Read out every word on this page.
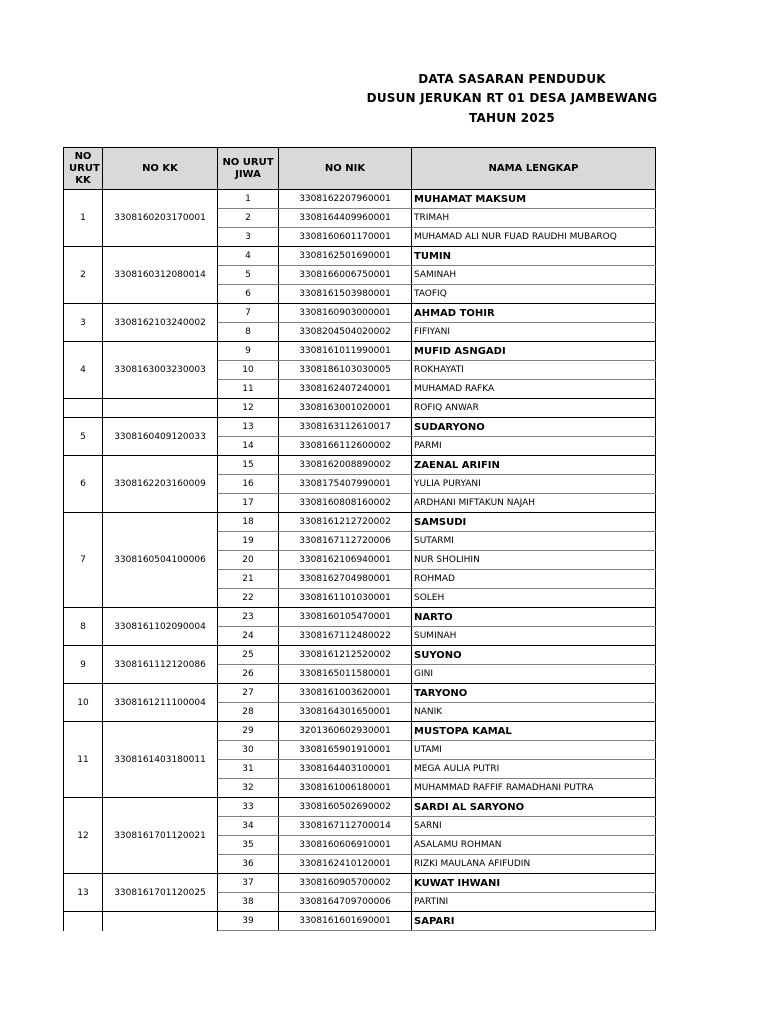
DATA SASARAN PENDUDUK
DUSUN JERUKAN RT 01 DESA JAMBEWANG
TAHUN 2025
NO URUT KK	NO KK	NO URUT JIWA	NO NIK	NAMA LENGKAP
1	3308160203170001	1	3308162207960001	MUHAMAT MAKSUM
		2	3308164409960001	TRIMAH
		3	3308160601170001	MUHAMAD ALI NUR FUAD RAUDHI MUBAROQ
2	3308160312080014	4	3308162501690001	TUMIN
		5	3308166006750001	SAMINAH
		6	3308161503980001	TAOFIQ
3	3308162103240002	7	3308160903000001	AHMAD TOHIR
		8	3308204504020002	FIFIYANI
4	3308163003230003	9	3308161011990001	MUFID ASNGADI
		10	3308186103030005	ROKHAYATI
		11	3308162407240001	MUHAMAD RAFKA
		12	3308163001020001	ROFIQ ANWAR
5	3308160409120033	13	3308163112610017	SUDARYONO
		14	3308166112600002	PARMI
6	3308162203160009	15	3308162008890002	ZAENAL ARIFIN
		16	3308175407990001	YULIA PURYANI
		17	3308160808160002	ARDHANI MIFTAKUN NAJAH
7	3308160504100006	18	3308161212720002	SAMSUDI
		19	3308167112720006	SUTARMI
		20	3308162106940001	NUR SHOLIHIN
		21	3308162704980001	ROHMAD
		22	3308161101030001	SOLEH
8	3308161102090004	23	3308160105470001	NARTO
		24	3308167112480022	SUMINAH
9	3308161112120086	25	3308161212520002	SUYONO
		26	3308165011580001	GINI
10	3308161211100004	27	3308161003620001	TARYONO
		28	3308164301650001	NANIK
11	3308161403180011	29	3201360602930001	MUSTOPA KAMAL
		30	3308165901910001	UTAMI
		31	3308164403100001	MEGA AULIA PUTRI
		32	3308161006180001	MUHAMMAD RAFFIF RAMADHANI PUTRA
12	3308161701120021	33	3308160502690002	SARDI AL SARYONO
		34	3308167112700014	SARNI
		35	3308160606910001	ASALAMU ROHMAN
		36	3308162410120001	RIZKI MAULANA AFIFUDIN
13	3308161701120025	37	3308160905700002	KUWAT IHWANI
		38	3308164709700006	PARTINI
		39	3308161601690001	SAPARI
